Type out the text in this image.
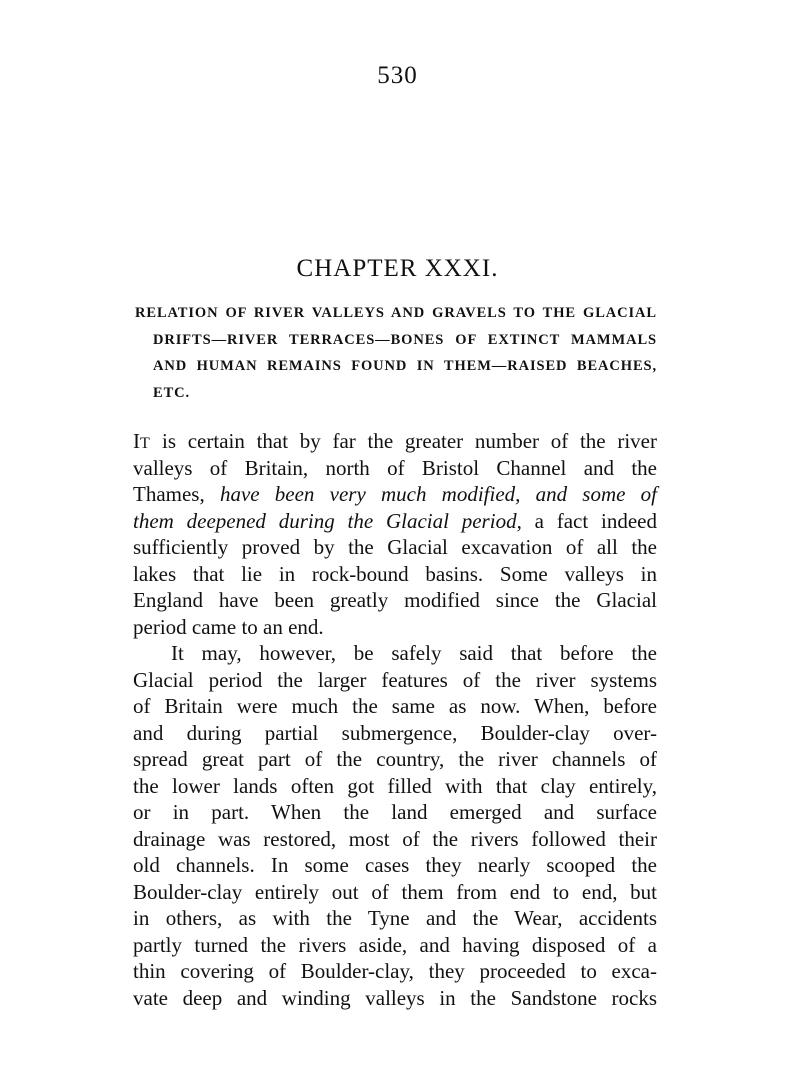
530
CHAPTER XXXI.
RELATION OF RIVER VALLEYS AND GRAVELS TO THE GLACIAL
DRIFTS—RIVER TERRACES—BONES OF EXTINCT MAMMALS
AND HUMAN REMAINS FOUND IN THEM—RAISED BEACHES,
ETC.
IT is certain that by far the greater number of the river
valleys of Britain, north of Bristol Channel and the
Thames, have been very much modified, and some of
them deepened during the Glacial period, a fact indeed
sufficiently proved by the Glacial excavation of all the
lakes that lie in rock-bound basins. Some valleys in
England have been greatly modified since the Glacial
period came to an end.
It may, however, be safely said that before the
Glacial period the larger features of the river systems
of Britain were much the same as now. When, before
and during partial submergence, Boulder-clay over-
spread great part of the country, the river channels of
the lower lands often got filled with that clay entirely,
or in part. When the land emerged and surface
drainage was restored, most of the rivers followed their
old channels. In some cases they nearly scooped the
Boulder-clay entirely out of them from end to end, but
in others, as with the Tyne and the Wear, accidents
partly turned the rivers aside, and having disposed of a
thin covering of Boulder-clay, they proceeded to exca-
vate deep and winding valleys in the Sandstone rocks
